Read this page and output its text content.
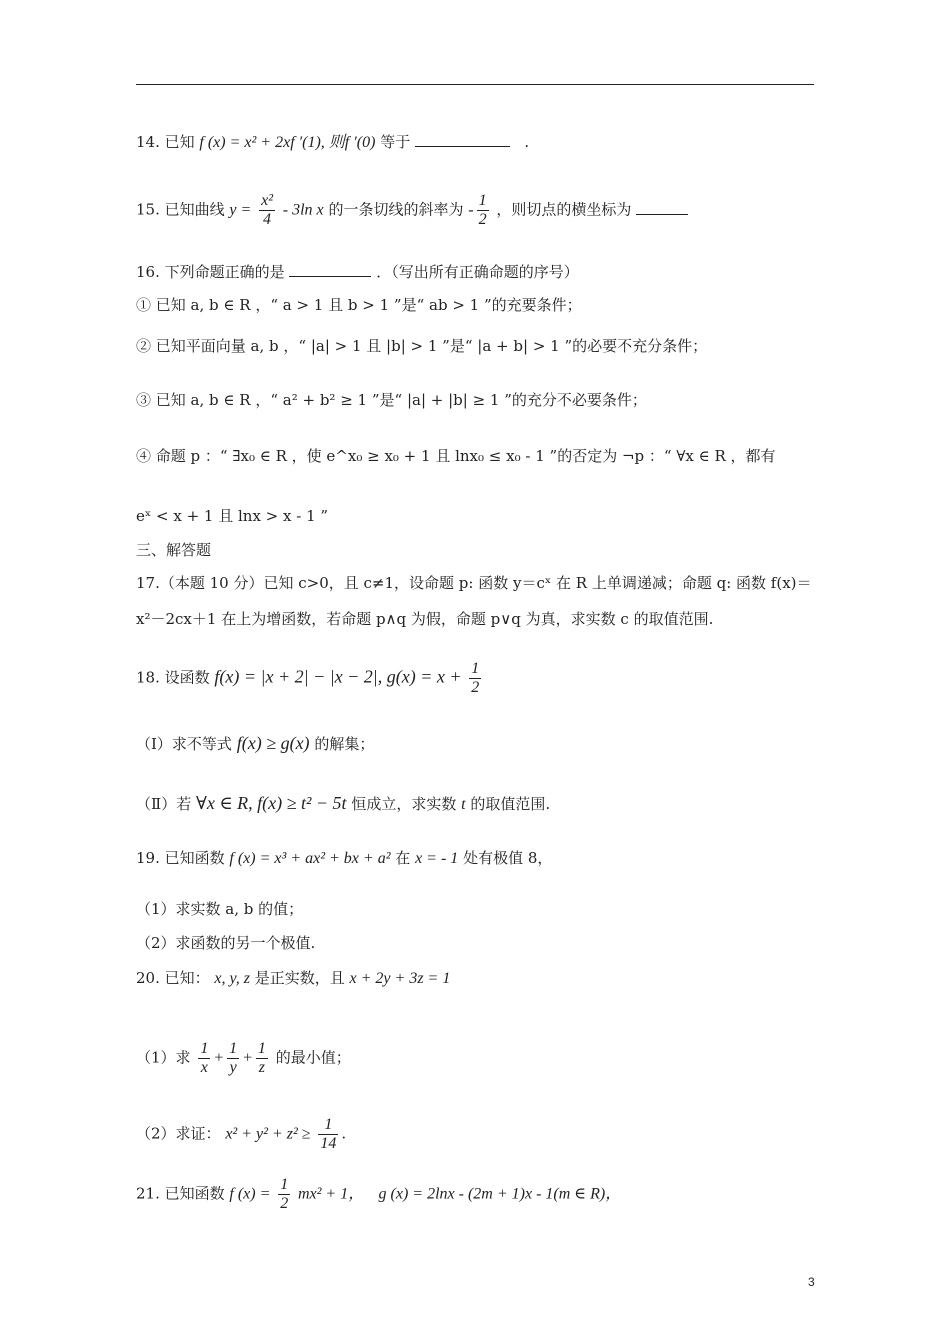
14. 已知 f (x) = x² + 2xf ′(1), 则f ′(0) 等于	.
15. 已知曲线 $y = \frac{\text{x²}}{4} - 3\ln$ x 的一条切线的斜率为 - $\frac{1}{2}$ ，则切点的横坐标为
16. 下列命题正确的是	．（写出所有正确命题的序号）
① 已知 a, b ∈ R ，“ a > 1 且 b > 1 ”是“ ab > 1 ”的充要条件；
② 已知平面向量 a, b ，“ |a| > 1 且 |b| > 1 ”是“ |a + b| > 1 ”的必要不充分条件；
③ 已知 a, b ∈ R ，“ a² + b² ≥ 1 ”是“ |a| + |b| ≥ 1 ”的充分不必要条件；
④ 命题 p ：“ ∃x₀ ∈ R ，使 e^x₀ ≥ x₀ + 1 且 lnx₀ ≤ x₀ - 1 ”的否定为 ¬p ：“ ∀x ∈ R ，都有
eˣ < x + 1 且 lnx > x - 1 ”
三、解答题
17.（本题 10 分）已知 c>0，且 c≠1，设命题 p: 函数 y＝cˣ 在 R 上单调递减；命题 q: 函数 f(x)＝
x²－2cx＋1 在上为增函数，若命题 p∧q 为假，命题 p∨q 为真，求实数 c 的取值范围.
18. 设函数 f(x) = |x + 2| − |x − 2|, $g(x) = x + \frac{1}{2}$
（Ⅰ）求不等式 f(x) ≥ g(x) 的解集；
（Ⅱ）若 ∀x ∈ R, f(x) ≥ t² − 5t 恒成立，求实数 t 的取值范围.
19. 已知函数 f (x) = x³ + ax² + bx + a² 在 x = - 1 处有极值 8，
（1）求实数 a, b 的值；
（2）求函数的另一个极值.
20. 已知： x, y, z 是正实数，且 x + 2y + 3z = 1
（1）求 $\frac{1}{x} + \frac{1}{y} + \frac{1}{z}$ 的最小值；
（2）求证： $x^2 + y^2 + z^2 \ge \frac{1}{14}$ .
21. 已知函数 f $(x) = \frac{1}{2} mx^2 + 1$， g (x) = 2lnx - (2m + 1)x - 1(m ∈ R)，
3
